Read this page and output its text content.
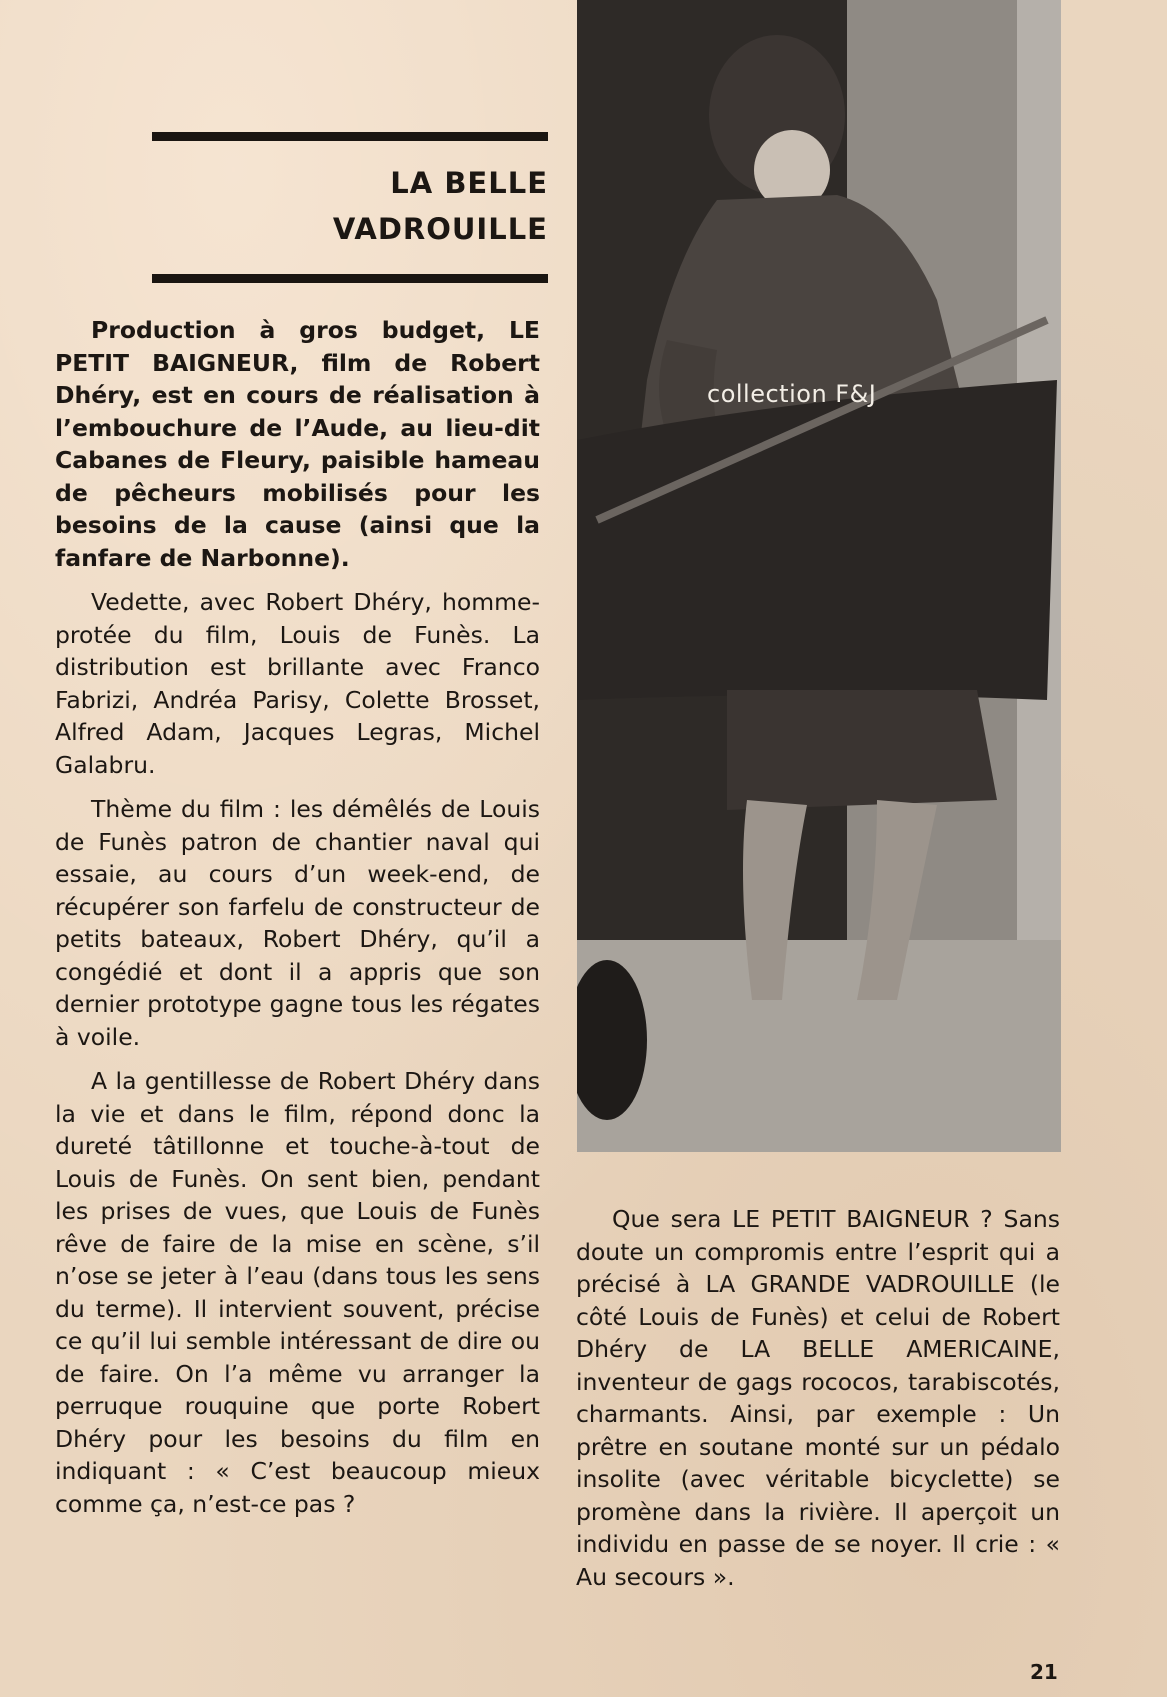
LA BELLE
VADROUILLE

Production à gros budget, LE PETIT BAIGNEUR, film de Robert Dhéry, est en cours de réalisation à l’embouchure de l’Aude, au lieu-dit Cabanes de Fleury, paisible hameau de pêcheurs mobilisés pour les besoins de la cause (ainsi que la fanfare de Narbonne).

Vedette, avec Robert Dhéry, homme-protée du film, Louis de Funès. La distribution est brillante avec Franco Fabrizi, Andréa Parisy, Colette Brosset, Alfred Adam, Jacques Legras, Michel Galabru.

Thème du film : les démêlés de Louis de Funès patron de chantier naval qui essaie, au cours d’un week-end, de récupérer son farfelu de constructeur de petits bateaux, Robert Dhéry, qu’il a congédié et dont il a appris que son dernier prototype gagne tous les régates à voile.

A la gentillesse de Robert Dhéry dans la vie et dans le film, répond donc la dureté tâtillonne et touche-à-tout de Louis de Funès. On sent bien, pendant les prises de vues, que Louis de Funès rêve de faire de la mise en scène, s’il n’ose se jeter à l’eau (dans tous les sens du terme). Il intervient souvent, précise ce qu’il lui semble intéressant de dire ou de faire. On l’a même vu arranger la perruque rouquine que porte Robert Dhéry pour les besoins du film en indiquant : « C’est beaucoup mieux comme ça, n’est-ce pas ?

collection F&J

Que sera LE PETIT BAIGNEUR ? Sans doute un compromis entre l’esprit qui a précisé à LA GRANDE VADROUILLE (le côté Louis de Funès) et celui de Robert Dhéry de LA BELLE AMERICAINE, inventeur de gags rococos, tarabiscotés, charmants. Ainsi, par exemple : Un prêtre en soutane monté sur un pédalo insolite (avec véritable bicyclette) se promène dans la rivière. Il aperçoit un individu en passe de se noyer. Il crie : « Au secours ».

21
